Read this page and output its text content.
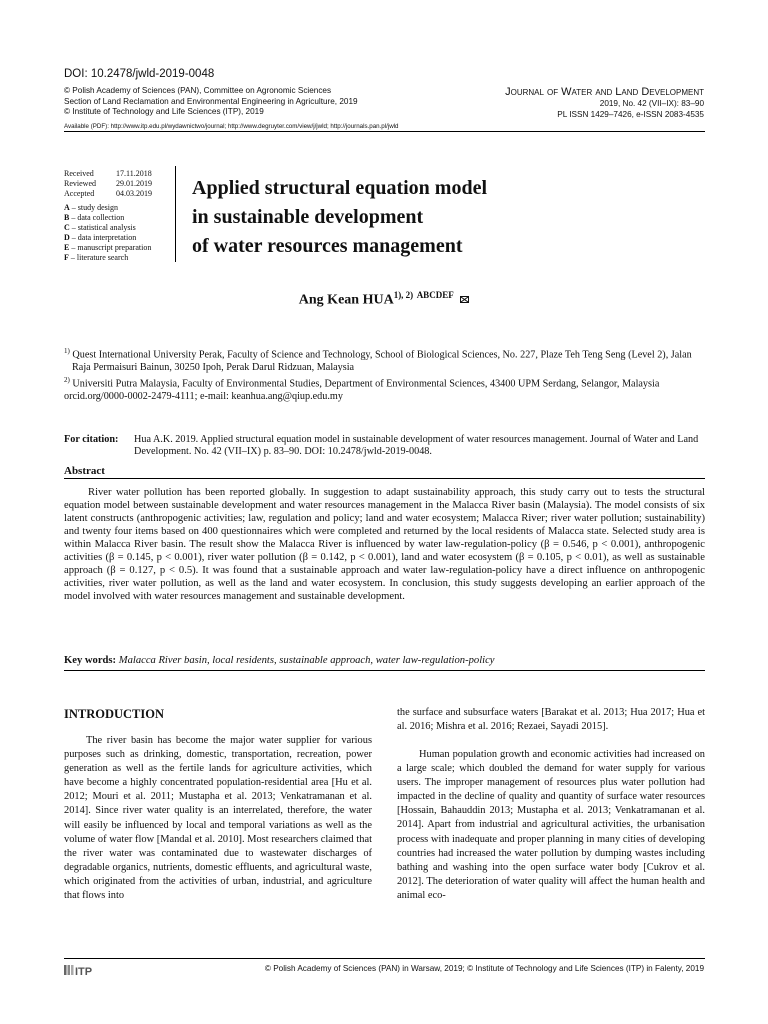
DOI: 10.2478/jwld-2019-0048
© Polish Academy of Sciences (PAN), Committee on Agronomic Sciences
Section of Land Reclamation and Environmental Engineering in Agriculture, 2019
© Institute of Technology and Life Sciences (ITP), 2019
Journal of Water and Land Development
2019, No. 42 (VII–IX): 83–90
PL ISSN 1429–7426, e-ISSN 2083-4535
Available (PDF): http://www.itp.edu.pl/wydawnictwo/journal; http://www.degruyter.com/view/j/jwld; http://journals.pan.pl/jwld
Received	17.11.2018
Reviewed	29.01.2019
Accepted	04.03.2019
A – study design
B – data collection
C – statistical analysis
D – data interpretation
E – manuscript preparation
F – literature search
Applied structural equation model
in sustainable development
of water resources management
Ang Kean $HUA^{1), 2)}$ $^{ABCDEF}$
$^{1)}$ Quest International University Perak, Faculty of Science and Technology, School of Biological Sciences, No. 227, Plaze Teh Teng Seng (Level 2), Jalan Raja Permaisuri Bainun, 30250 Ipoh, Perak Darul Ridzuan, Malaysia
$^{2)}$ Universiti Putra Malaysia, Faculty of Environmental Studies, Department of Environmental Sciences, 43400 UPM Serdang, Selangor, Malaysia
orcid.org/0000-0002-2479-4111; e-mail: keanhua.ang@qiup.edu.my
For citation:	Hua A.K. 2019. Applied structural equation model in sustainable development of water resources management. Journal of Water and Land Development. No. 42 (VII–IX) p. 83–90. DOI: 10.2478/jwld-2019-0048.
Abstract

River water pollution has been reported globally. In suggestion to adapt sustainability approach, this study carry out to tests the structural equation model between sustainable development and water resources management in the Malacca River basin (Malaysia). The model consists of six latent constructs (anthropogenic activities; law, regulation and policy; land and water ecosystem; Malacca River; river water pollution; sustainability) and twenty four items based on 400 questionnaires which were completed and returned by the local residents of Malacca state. Selected study area is within Malacca River basin. The result show the Malacca River is influenced by water law-regulation-policy (β = 0.546, p < 0.001), anthropogenic activities (β = 0.145, p < 0.001), river water pollution (β = 0.142, p < 0.001), land and water ecosystem (β = 0.105, p < 0.01), as well as sustainable approach (β = 0.127, p < 0.5). It was found that a sustainable approach and water law-regulation-policy have a direct influence on anthropogenic activities, river water pollution, as well as the land and water ecosystem. In conclusion, this study suggests developing an earlier approach of the model involved with water resources management and sustainable development.

Key words: Malacca River basin, local residents, sustainable approach, water law-regulation-policy
INTRODUCTION

The river basin has become the major water supplier for various purposes such as drinking, domestic, transportation, recreation, power generation as well as the fertile lands for agriculture activities, which have become a highly concentrated population-residential area [Hu et al. 2012; Mouri et al. 2011; Mustapha et al. 2013; Venkatramanan et al. 2014]. Since river water quality is an interrelated, therefore, the water will easily be influenced by local and temporal variations as well as the volume of water flow [Mandal et al. 2010]. Most researchers claimed that the river water was contaminated due to wastewater discharges of degradable organics, nutrients, domestic effluents, and agricultural waste, which originated from the activities of urban, industrial, and agriculture that flows into

the surface and subsurface waters [Barakat et al. 2013; Hua 2017; Hua et al. 2016; Mishra et al. 2016; Rezaei, Sayadi 2015].

Human population growth and economic activities had increased on a large scale; which doubled the demand for water supply for various users. The improper management of resources plus water pollution had impacted in the decline of quality and quantity of surface water resources [Hossain, Bahauddin 2013; Mustapha et al. 2013; Venkatramanan et al. 2014]. Apart from industrial and agricultural activities, the urbanisation process with inadequate and proper planning in many cities of developing countries had increased the water pollution by dumping wastes including bathing and washing into the open surface water body [Cukrov et al. 2012]. The deterioration of water quality will affect the human health and animal eco-

ITP	© Polish Academy of Sciences (PAN) in Warsaw, 2019; © Institute of Technology and Life Sciences (ITP) in Falenty, 2019
